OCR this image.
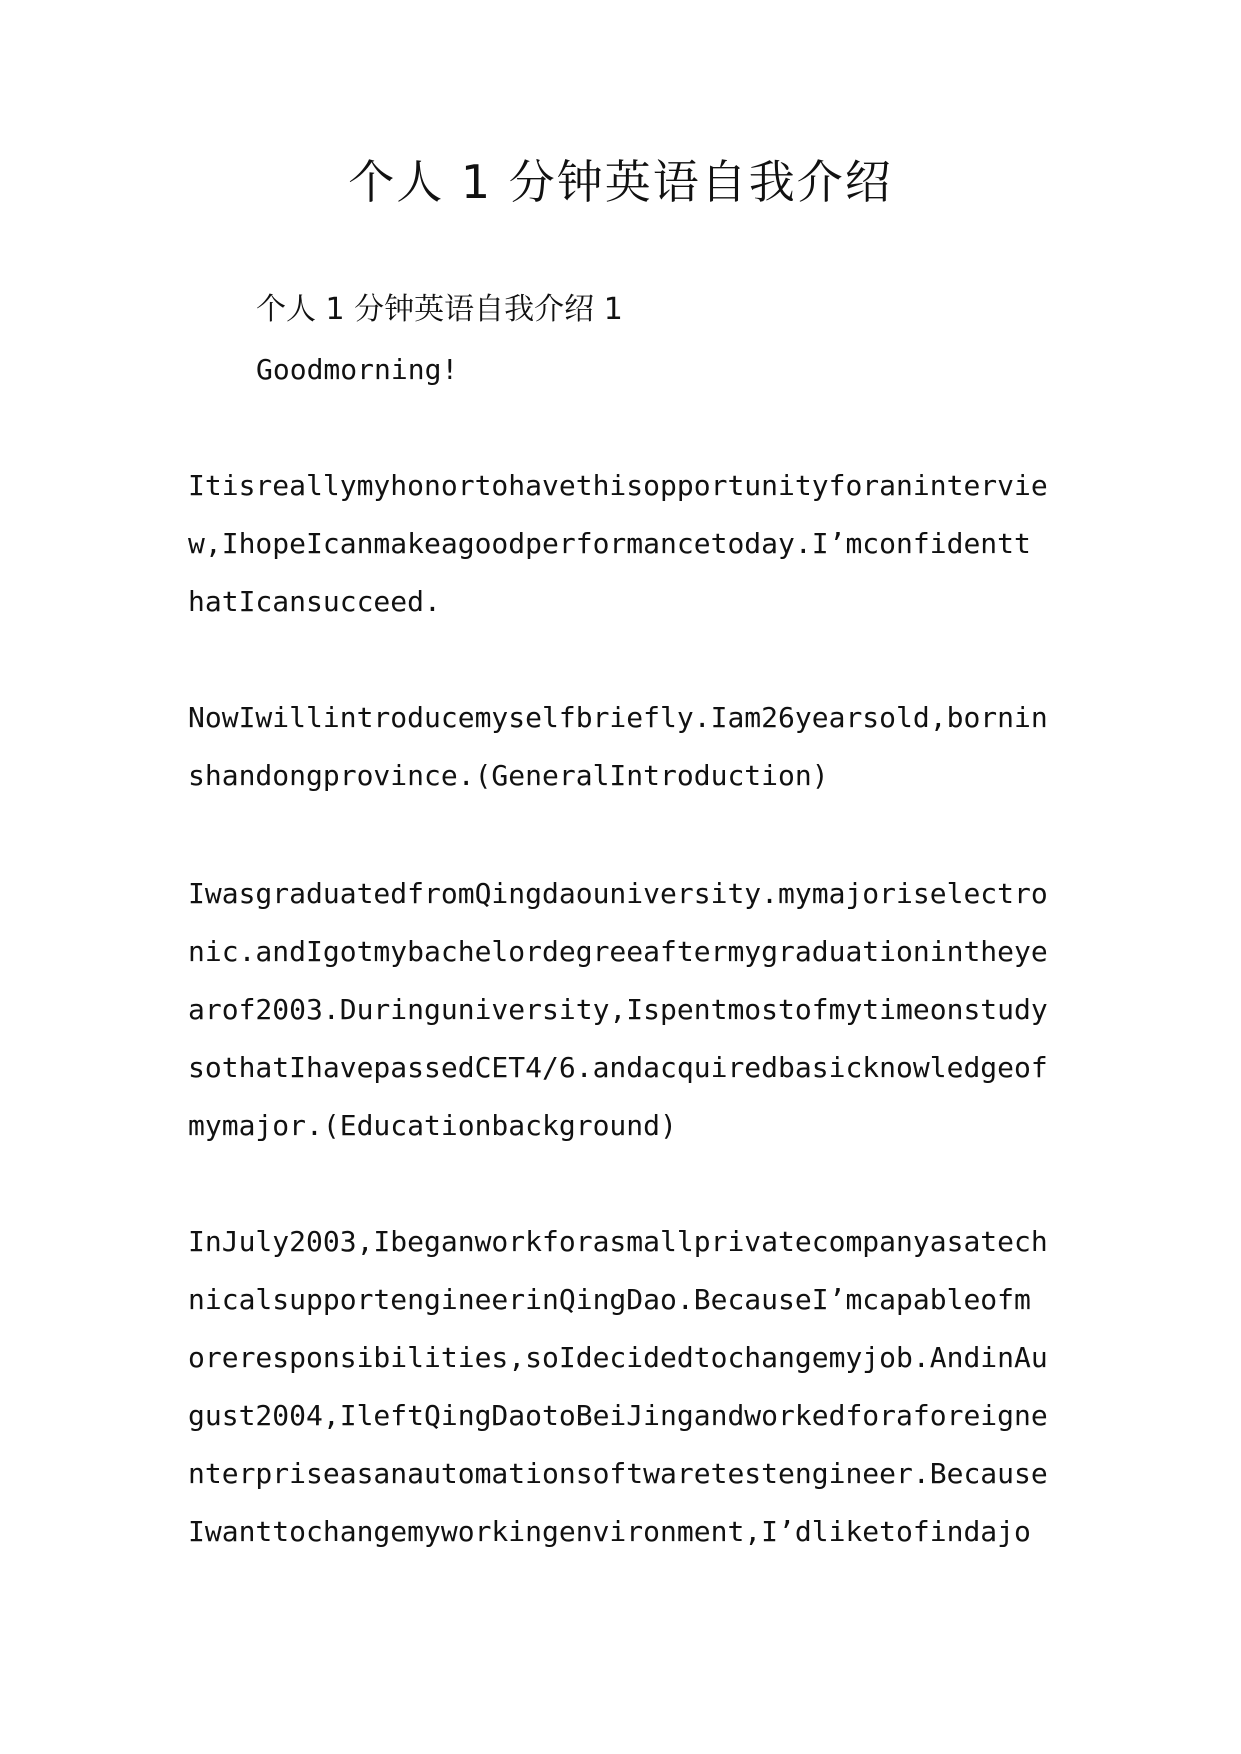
个人 1 分钟英语自我介绍

个人 1 分钟英语自我介绍 1

Goodmorning!

Itisreallymyhonortohavethisopportunityforanintervie

w,IhopeIcanmakeagoodperformancetoday.I’mconfidentt

hatIcansucceed.

NowIwillintroducemyselfbriefly.Iam26yearsold,bornin

shandongprovince.(GeneralIntroduction)

IwasgraduatedfromQingdaouniversity.mymajoriselectro

nic.andIgotmybachelordegreeaftermygraduationintheye

arof2003.Duringuniversity,Ispentmostofmytimeonstudy

sothatIhavepassedCET4/6.andacquiredbasicknowledgeof

mymajor.(Educationbackground)

InJuly2003,Ibeganworkforasmallprivatecompanyasatech

nicalsupportengineerinQingDao.BecauseI’mcapableofm

oreresponsibilities,soIdecidedtochangemyjob.AndinAu

gust2004,IleftQingDaotoBeiJingandworkedforaforeigne

nterpriseasanautomationsoftwaretestengineer.Because

Iwanttochangemyworkingenvironment,I’dliketofindajo
